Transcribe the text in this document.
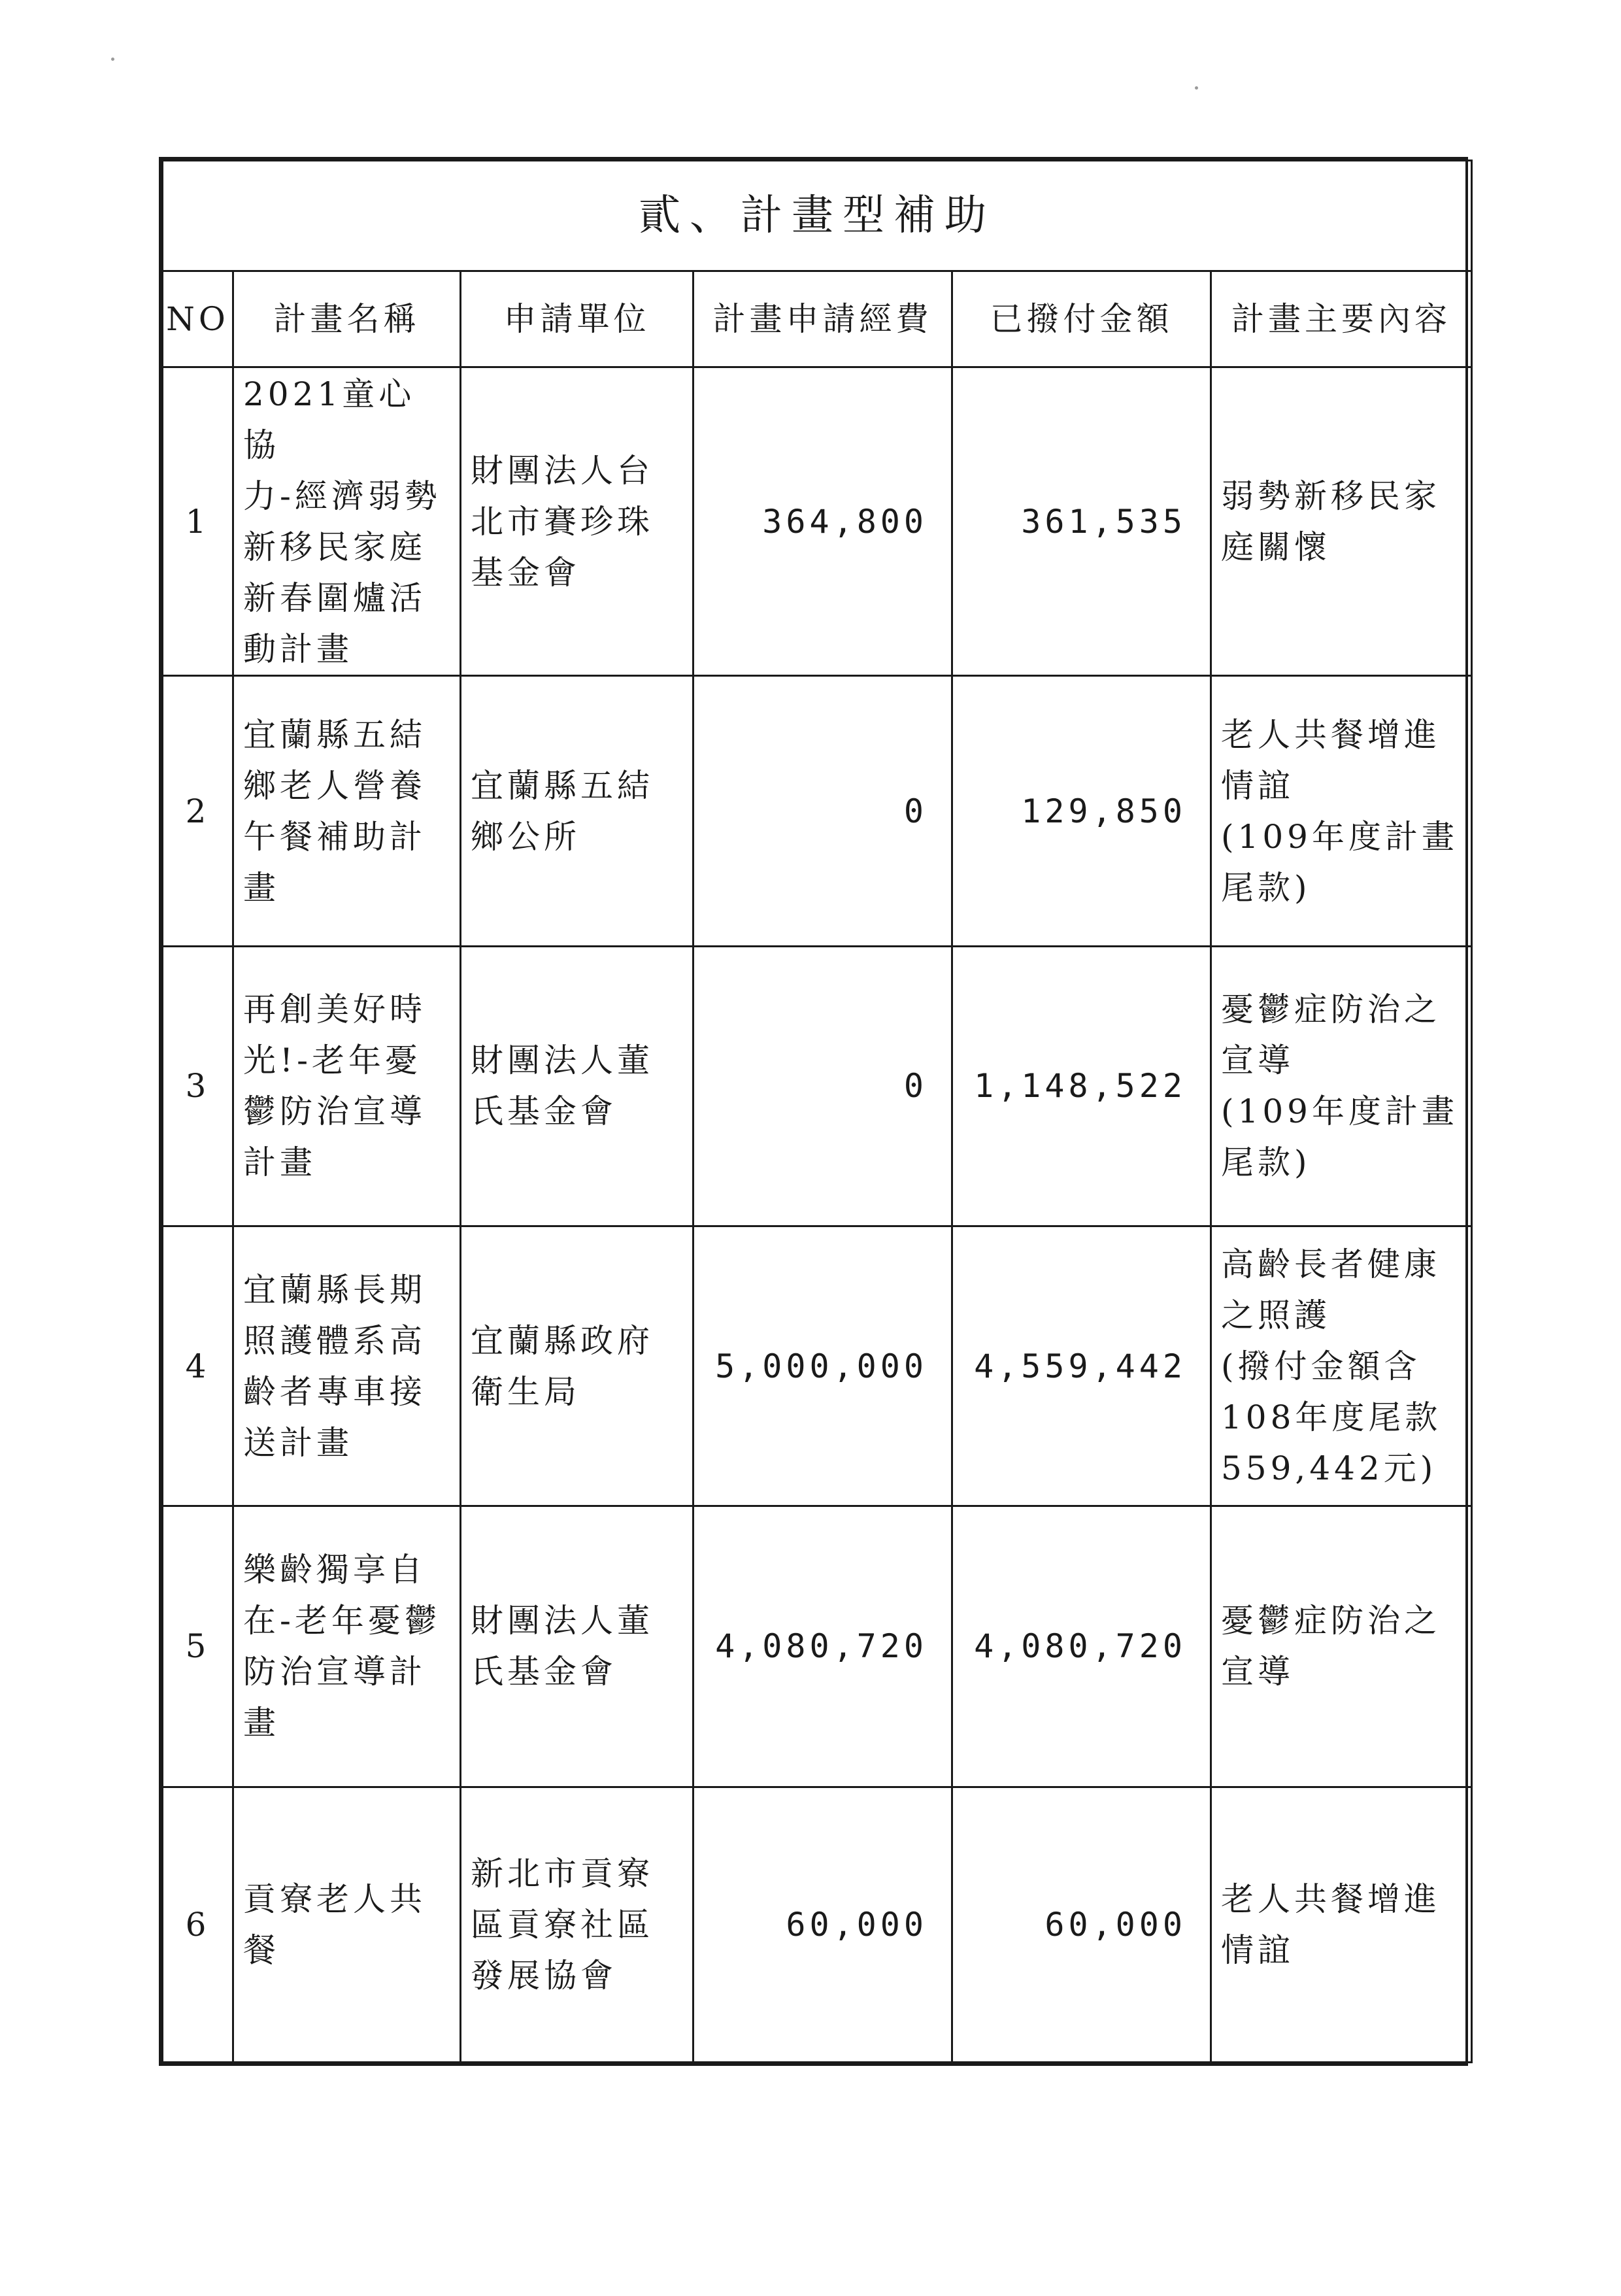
貳、計畫型補助					
NO	計畫名稱	申請單位	計畫申請經費	已撥付金額	計畫主要內容
1	2021童心協
力-經濟弱勢
新移民家庭
新春圍爐活
動計畫	財團法人台
北市賽珍珠
基金會	364,800	361,535	弱勢新移民家
庭關懷
2	宜蘭縣五結
鄉老人營養
午餐補助計
畫	宜蘭縣五結
鄉公所	0	129,850	老人共餐增進
情誼
(109年度計畫
尾款)
3	再創美好時
光!-老年憂
鬱防治宣導
計畫	財團法人董
氏基金會	0	1,148,522	憂鬱症防治之
宣導
(109年度計畫
尾款)
4	宜蘭縣長期
照護體系高
齡者專車接
送計畫	宜蘭縣政府
衛生局	5,000,000	4,559,442	高齡長者健康
之照護
(撥付金額含
108年度尾款
559,442元)
5	樂齡獨享自
在-老年憂鬱
防治宣導計
畫	財團法人董
氏基金會	4,080,720	4,080,720	憂鬱症防治之
宣導
6	貢寮老人共
餐	新北市貢寮
區貢寮社區
發展協會	60,000	60,000	老人共餐增進
情誼
